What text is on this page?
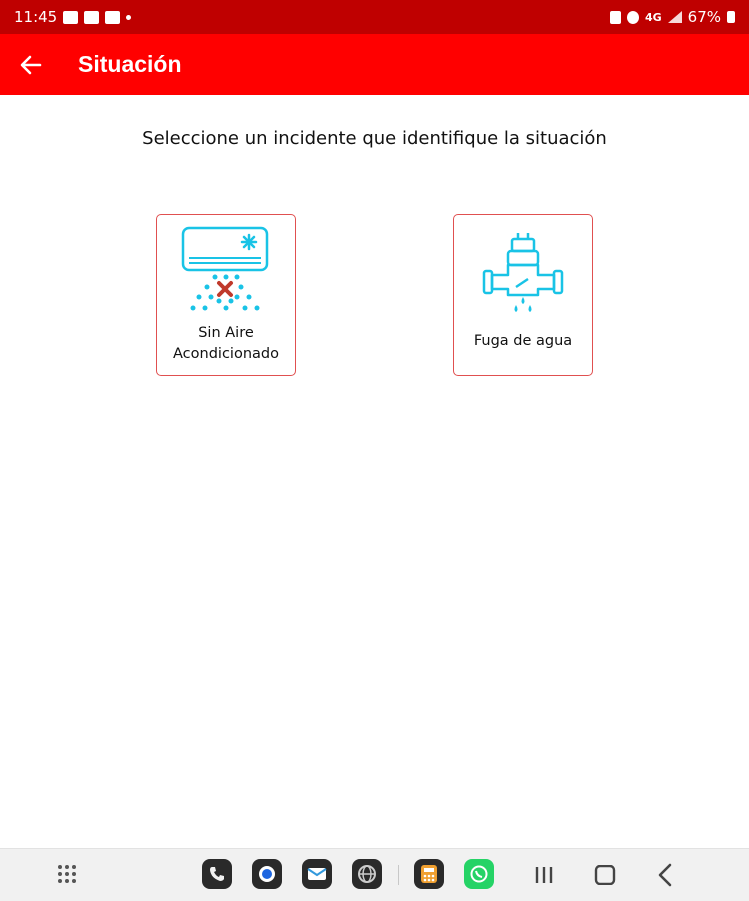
11:45	4G 67%
Situación
Seleccione un incidente que identifique la situación
Sin Aire
Acondicionado
Fuga de agua
